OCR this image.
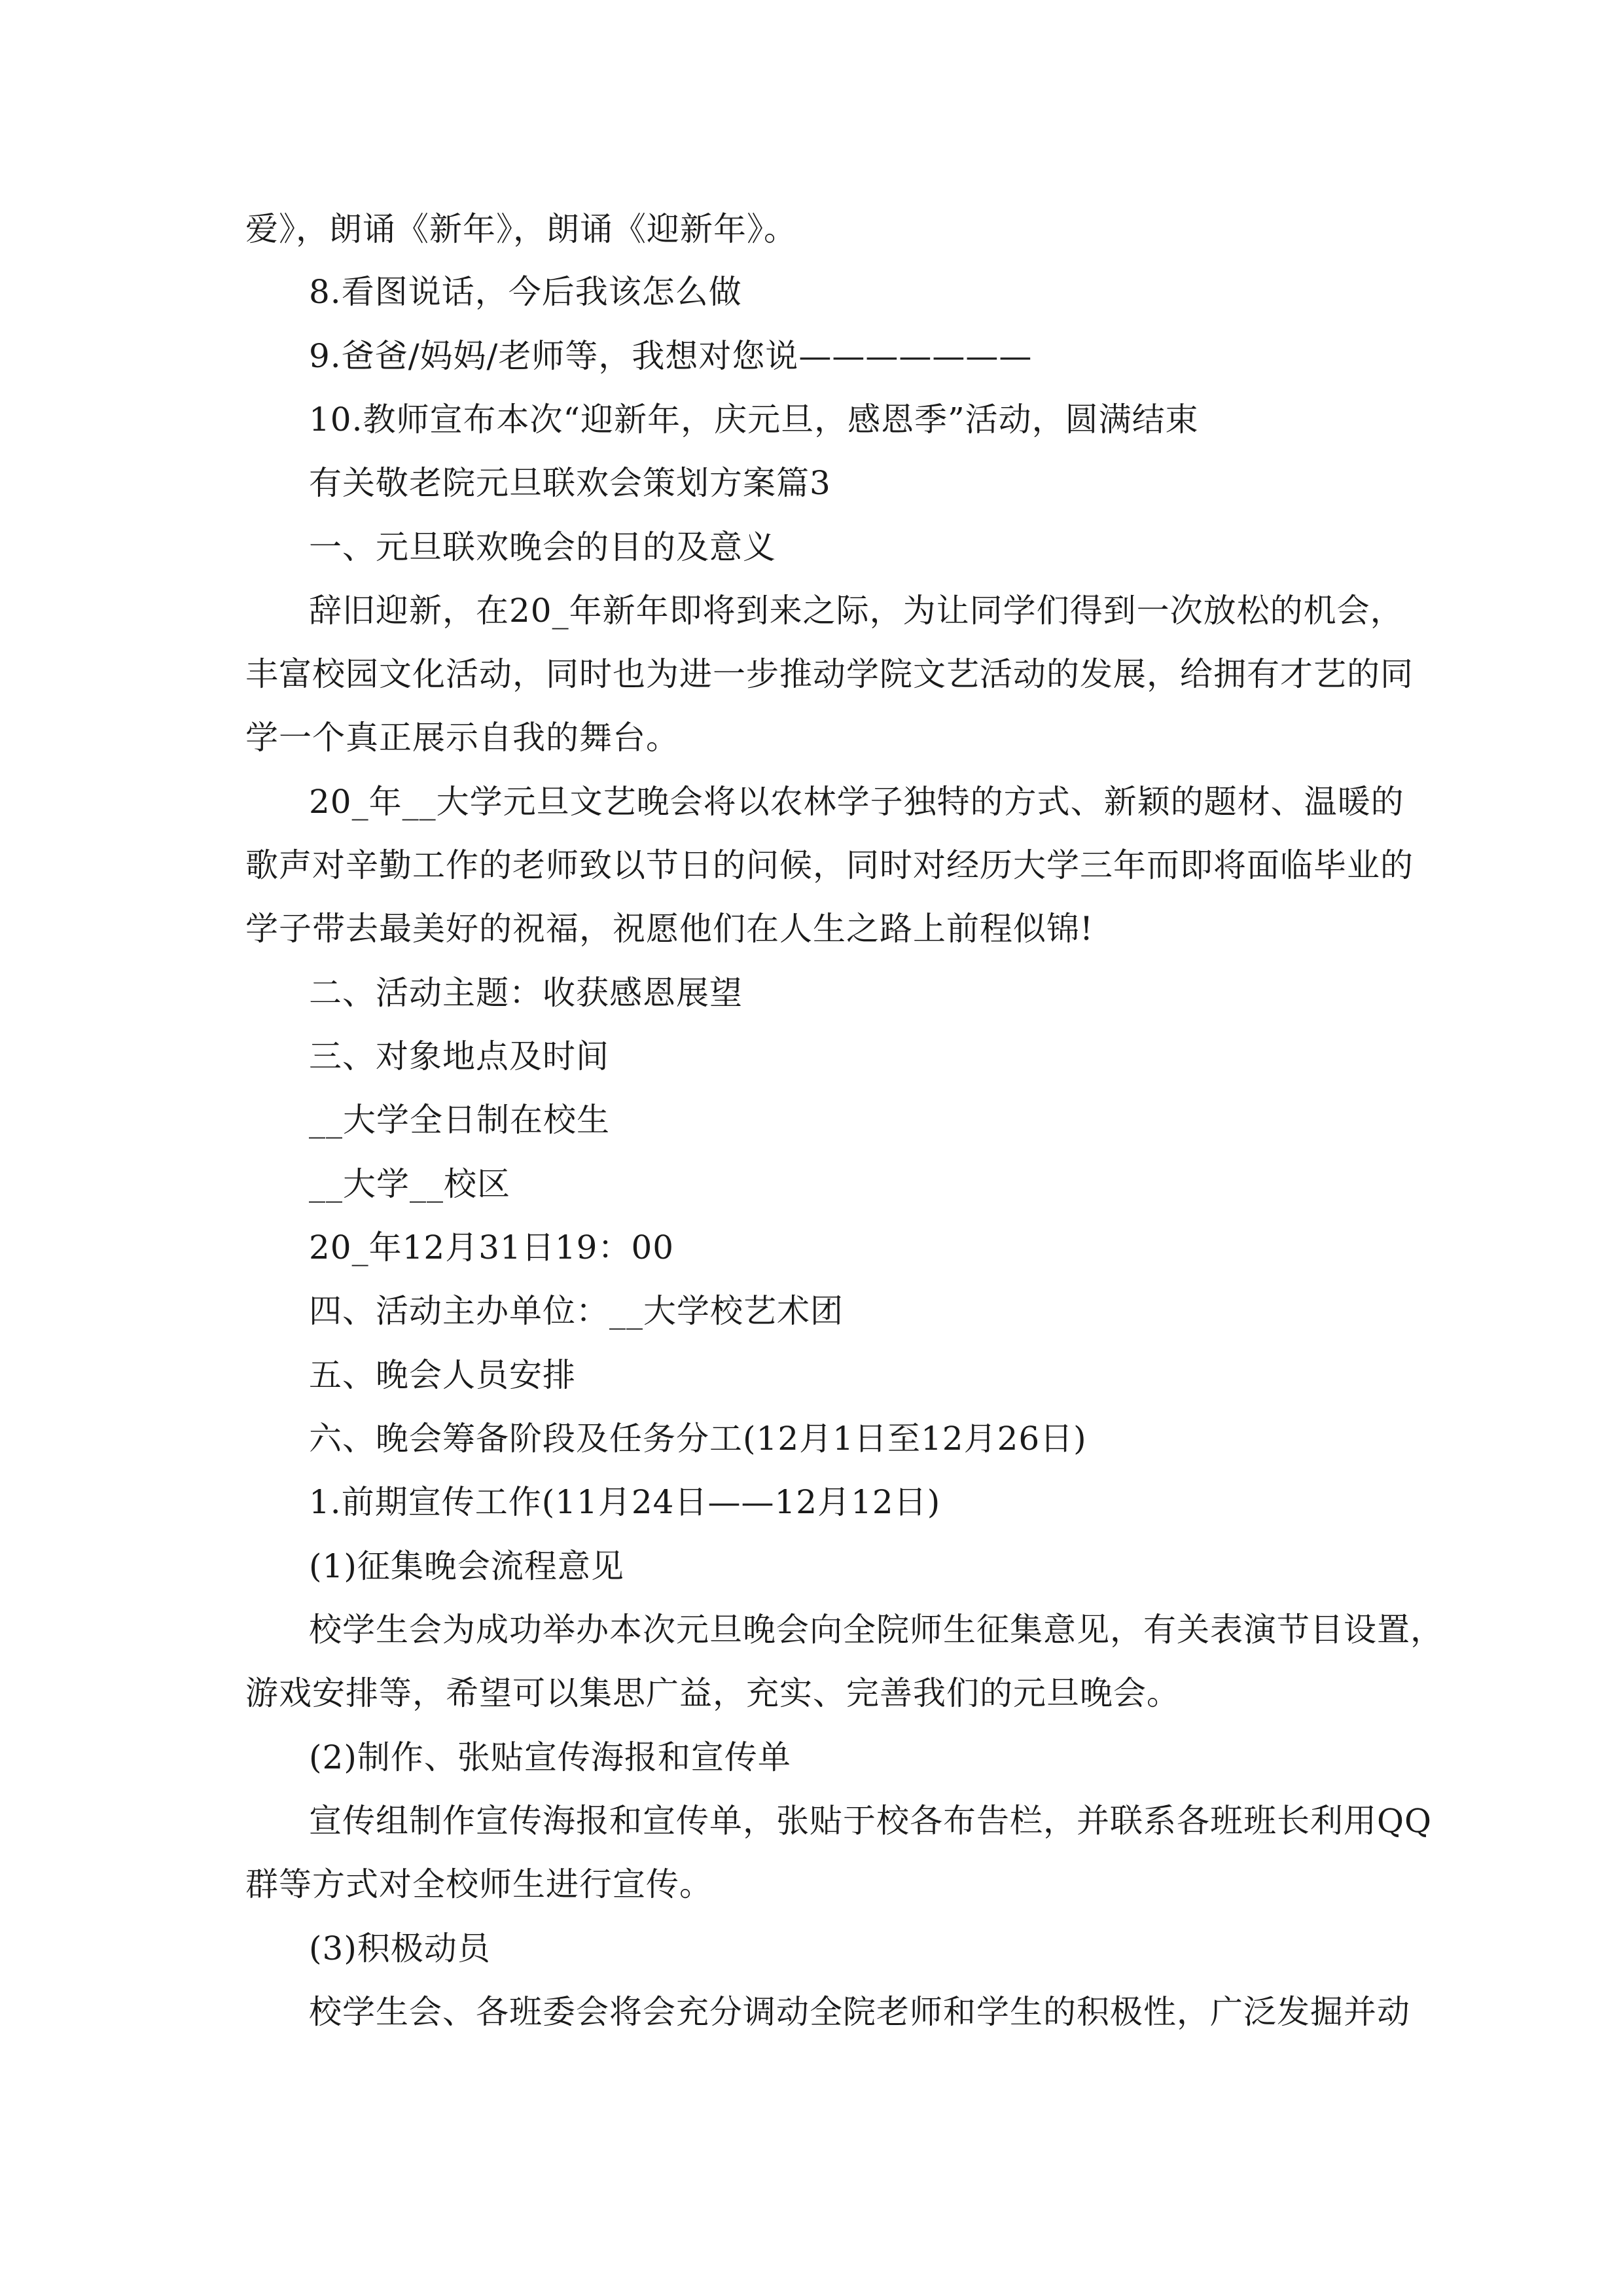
爱》，朗诵《新年》，朗诵《迎新年》。
8.看图说话，今后我该怎么做
9.爸爸/妈妈/老师等，我想对您说———————
10.教师宣布本次“迎新年，庆元旦，感恩季”活动，圆满结束
有关敬老院元旦联欢会策划方案篇3
一、元旦联欢晚会的目的及意义
辞旧迎新，在20_年新年即将到来之际，为让同学们得到一次放松的机会，
丰富校园文化活动，同时也为进一步推动学院文艺活动的发展，给拥有才艺的同
学一个真正展示自我的舞台。
20_年__大学元旦文艺晚会将以农林学子独特的方式、新颖的题材、温暖的
歌声对辛勤工作的老师致以节日的问候，同时对经历大学三年而即将面临毕业的
学子带去最美好的祝福，祝愿他们在人生之路上前程似锦!
二、活动主题：收获感恩展望
三、对象地点及时间
__大学全日制在校生
__大学__校区
20_年12月31日19：00
四、活动主办单位：__大学校艺术团
五、晚会人员安排
六、晚会筹备阶段及任务分工(12月1日至12月26日)
1.前期宣传工作(11月24日——12月12日)
(1)征集晚会流程意见
校学生会为成功举办本次元旦晚会向全院师生征集意见，有关表演节目设置，
游戏安排等，希望可以集思广益，充实、完善我们的元旦晚会。
(2)制作、张贴宣传海报和宣传单
宣传组制作宣传海报和宣传单，张贴于校各布告栏，并联系各班班长利用QQ
群等方式对全校师生进行宣传。
(3)积极动员
校学生会、各班委会将会充分调动全院老师和学生的积极性，广泛发掘并动
